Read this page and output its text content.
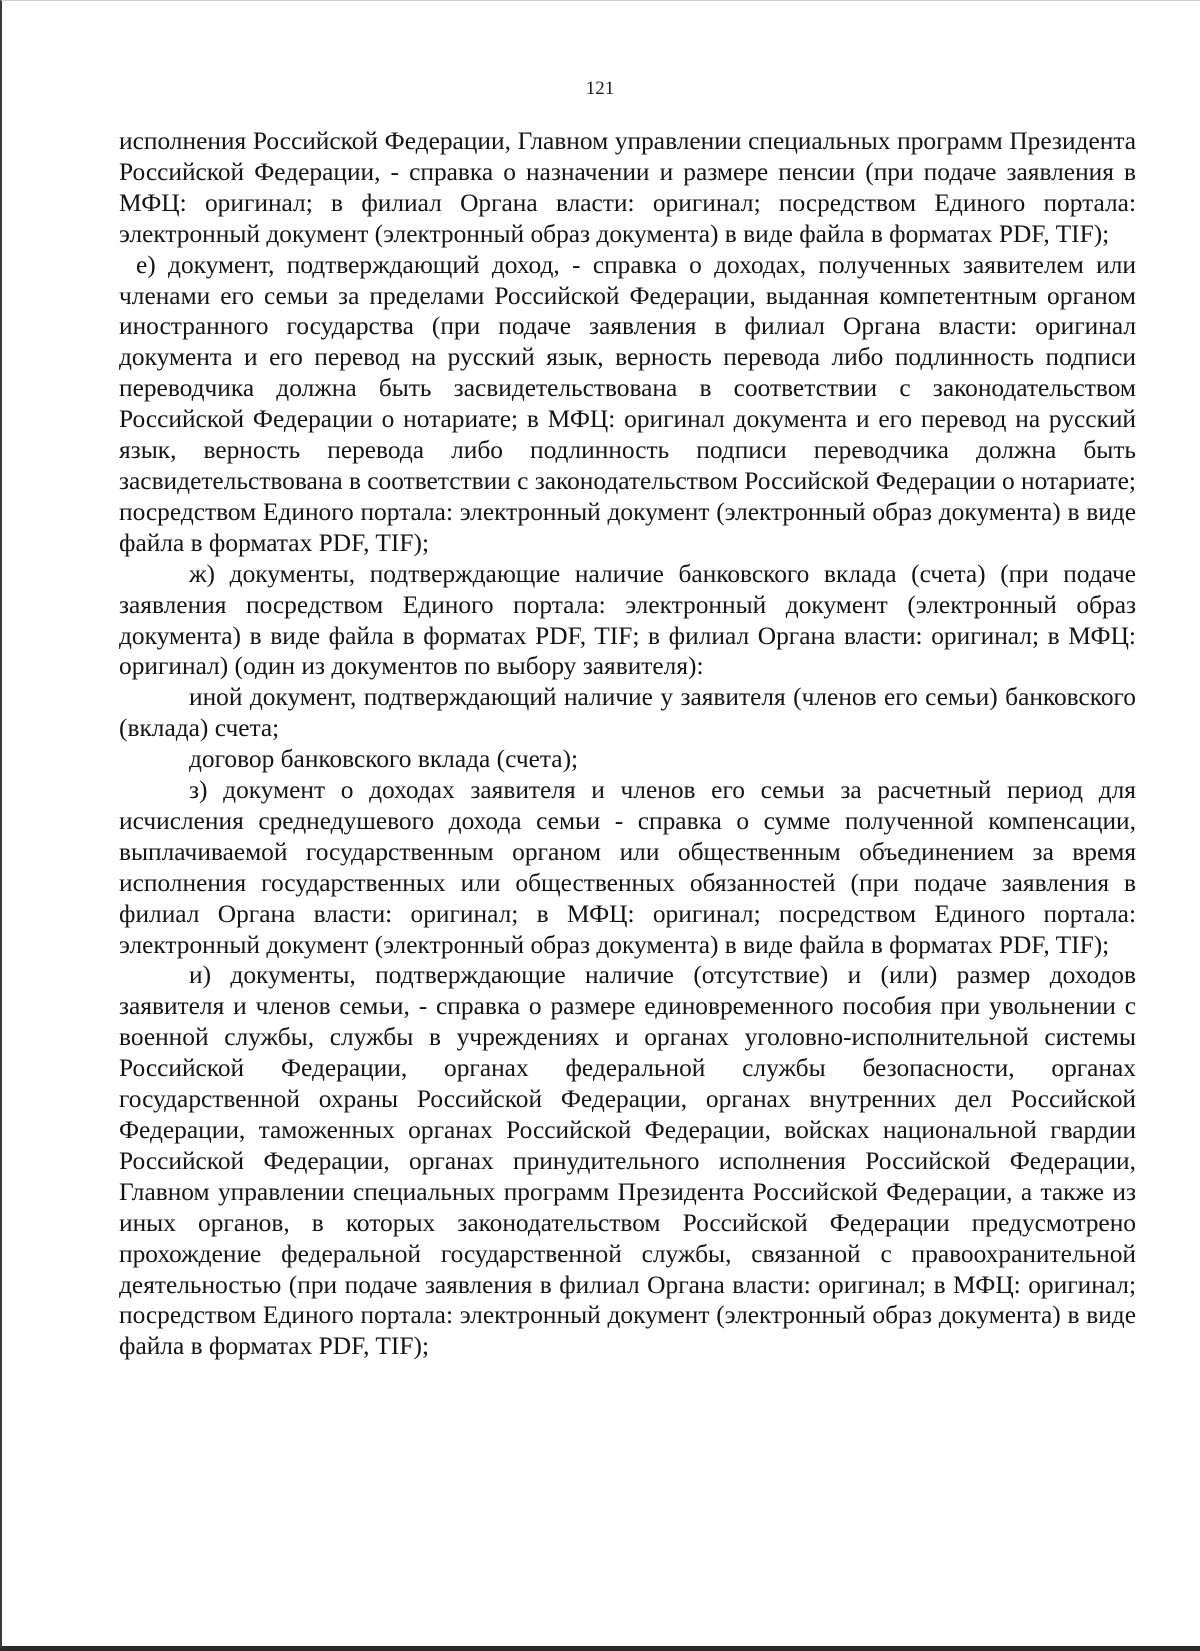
121

исполнения Российской Федерации, Главном управлении специальных программ Президента Российской Федерации, - справка о назначении и размере пенсии (при подаче заявления в МФЦ: оригинал; в филиал Органа власти: оригинал; посредством Единого портала: электронный документ (электронный образ документа) в виде файла в форматах PDF, TIF);

е) документ, подтверждающий доход, - справка о доходах, полученных заявителем или членами его семьи за пределами Российской Федерации, выданная компетентным органом иностранного государства (при подаче заявления в филиал Органа власти: оригинал документа и его перевод на русский язык, верность перевода либо подлинность подписи переводчика должна быть засвидетельствована в соответствии с законодательством Российской Федерации о нотариате; в МФЦ: оригинал документа и его перевод на русский язык, верность перевода либо подлинность подписи переводчика должна быть засвидетельствована в соответствии с законодательством Российской Федерации о нотариате; посредством Единого портала: электронный документ (электронный образ документа) в виде файла в форматах PDF, TIF);

ж) документы, подтверждающие наличие банковского вклада (счета) (при подаче заявления посредством Единого портала: электронный документ (электронный образ документа) в виде файла в форматах PDF, TIF; в филиал Органа власти: оригинал; в МФЦ: оригинал) (один из документов по выбору заявителя):

иной документ, подтверждающий наличие у заявителя (членов его семьи) банковского (вклада) счета;

договор банковского вклада (счета);

з) документ о доходах заявителя и членов его семьи за расчетный период для исчисления среднедушевого дохода семьи - справка о сумме полученной компенсации, выплачиваемой государственным органом или общественным объединением за время исполнения государственных или общественных обязанностей (при подаче заявления в филиал Органа власти: оригинал; в МФЦ: оригинал; посредством Единого портала: электронный документ (электронный образ документа) в виде файла в форматах PDF, TIF);

и) документы, подтверждающие наличие (отсутствие) и (или) размер доходов заявителя и членов семьи, - справка о размере единовременного пособия при увольнении с военной службы, службы в учреждениях и органах уголовно-исполнительной системы Российской Федерации, органах федеральной службы безопасности, органах государственной охраны Российской Федерации, органах внутренних дел Российской Федерации, таможенных органах Российской Федерации, войсках национальной гвардии Российской Федерации, органах принудительного исполнения Российской Федерации, Главном управлении специальных программ Президента Российской Федерации, а также из иных органов, в которых законодательством Российской Федерации предусмотрено прохождение федеральной государственной службы, связанной с правоохранительной деятельностью (при подаче заявления в филиал Органа власти: оригинал; в МФЦ: оригинал; посредством Единого портала: электронный документ (электронный образ документа) в виде файла в форматах PDF, TIF);
